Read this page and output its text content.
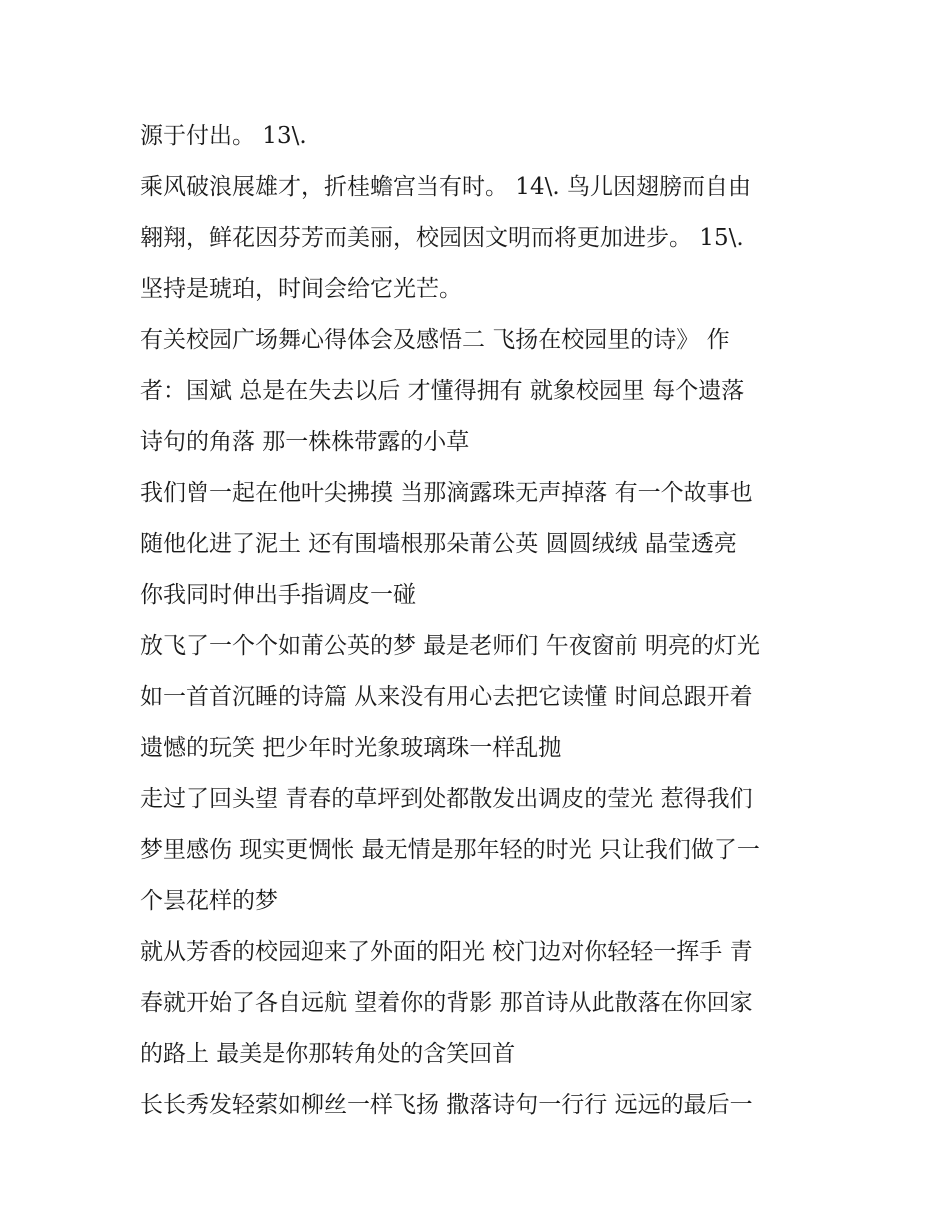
源于付出。 13\.
乘风破浪展雄才，折桂蟾宫当有时。 14\. 鸟儿因翅膀而自由
翱翔，鲜花因芬芳而美丽，校园因文明而将更加进步。 15\.
坚持是琥珀，时间会给它光芒。
有关校园广场舞心得体会及感悟二 飞扬在校园里的诗》 作
者：国斌 总是在失去以后 才懂得拥有 就象校园里 每个遗落
诗句的角落 那一株株带露的小草
我们曾一起在他叶尖拂摸 当那滴露珠无声掉落 有一个故事也
随他化进了泥土 还有围墙根那朵莆公英 圆圆绒绒 晶莹透亮
你我同时伸出手指调皮一碰
放飞了一个个如莆公英的梦 最是老师们 午夜窗前 明亮的灯光
如一首首沉睡的诗篇 从来没有用心去把它读懂 时间总跟开着
遗憾的玩笑 把少年时光象玻璃珠一样乱抛
走过了回头望 青春的草坪到处都散发出调皮的莹光 惹得我们
梦里感伤 现实更惆怅 最无情是那年轻的时光 只让我们做了一
个昙花样的梦
就从芳香的校园迎来了外面的阳光 校门边对你轻轻一挥手 青
春就开始了各自远航 望着你的背影 那首诗从此散落在你回家
的路上 最美是你那转角处的含笑回首
长长秀发轻萦如柳丝一样飞扬 撒落诗句一行行 远远的最后一
